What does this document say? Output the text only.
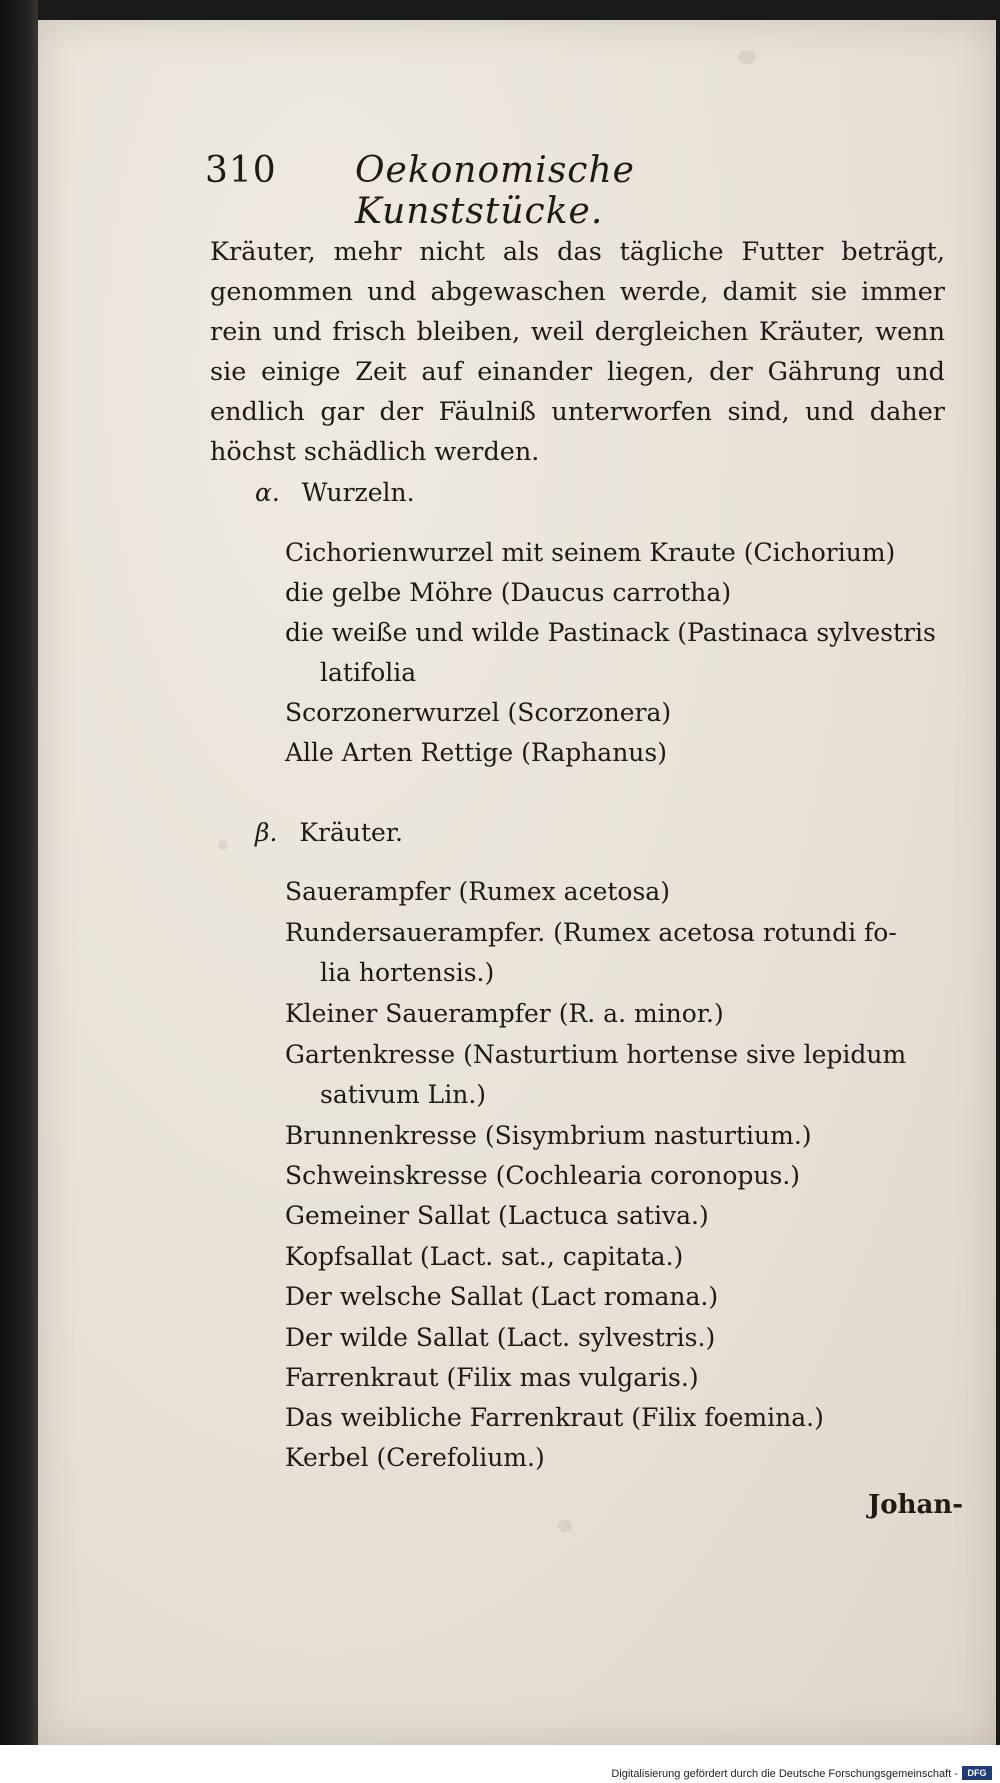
310 Oekonomische Kunststücke.
Kräuter, mehr nicht als das tägliche Futter beträgt, genommen und abgewaschen werde, damit sie immer rein und frisch bleiben, weil dergleichen Kräuter, wenn sie einige Zeit auf einander liegen, der Gährung und endlich gar der Fäulniß unterworfen sind, und daher höchst schädlich werden.
α. Wurzeln.
Cichorienwurzel mit seinem Kraute (Cichorium)
die gelbe Möhre (Daucus carrotha)
die weiße und wilde Pastinack (Pastinaca sylvestris
latifolia
Scorzonerwurzel (Scorzonera)
Alle Arten Rettige (Raphanus)
β. Kräuter.
Sauerampfer (Rumex acetosa)
Rundersauerampfer. (Rumex acetosa rotundi fo-
lia hortensis.)
Kleiner Sauerampfer (R. a. minor.)
Gartenkresse (Nasturtium hortense sive lepidum
sativum Lin.)
Brunnenkresse (Sisymbrium nasturtium.)
Schweinskresse (Cochlearia coronopus.)
Gemeiner Sallat (Lactuca sativa.)
Kopfsallat (Lact. sat., capitata.)
Der welsche Sallat (Lact romana.)
Der wilde Sallat (Lact. sylvestris.)
Farrenkraut (Filix mas vulgaris.)
Das weibliche Farrenkraut (Filix foemina.)
Kerbel (Cerefolium.)
Johan-
Digitalisierung gefördert durch die Deutsche Forschungsgemeinschaft -	DFG
